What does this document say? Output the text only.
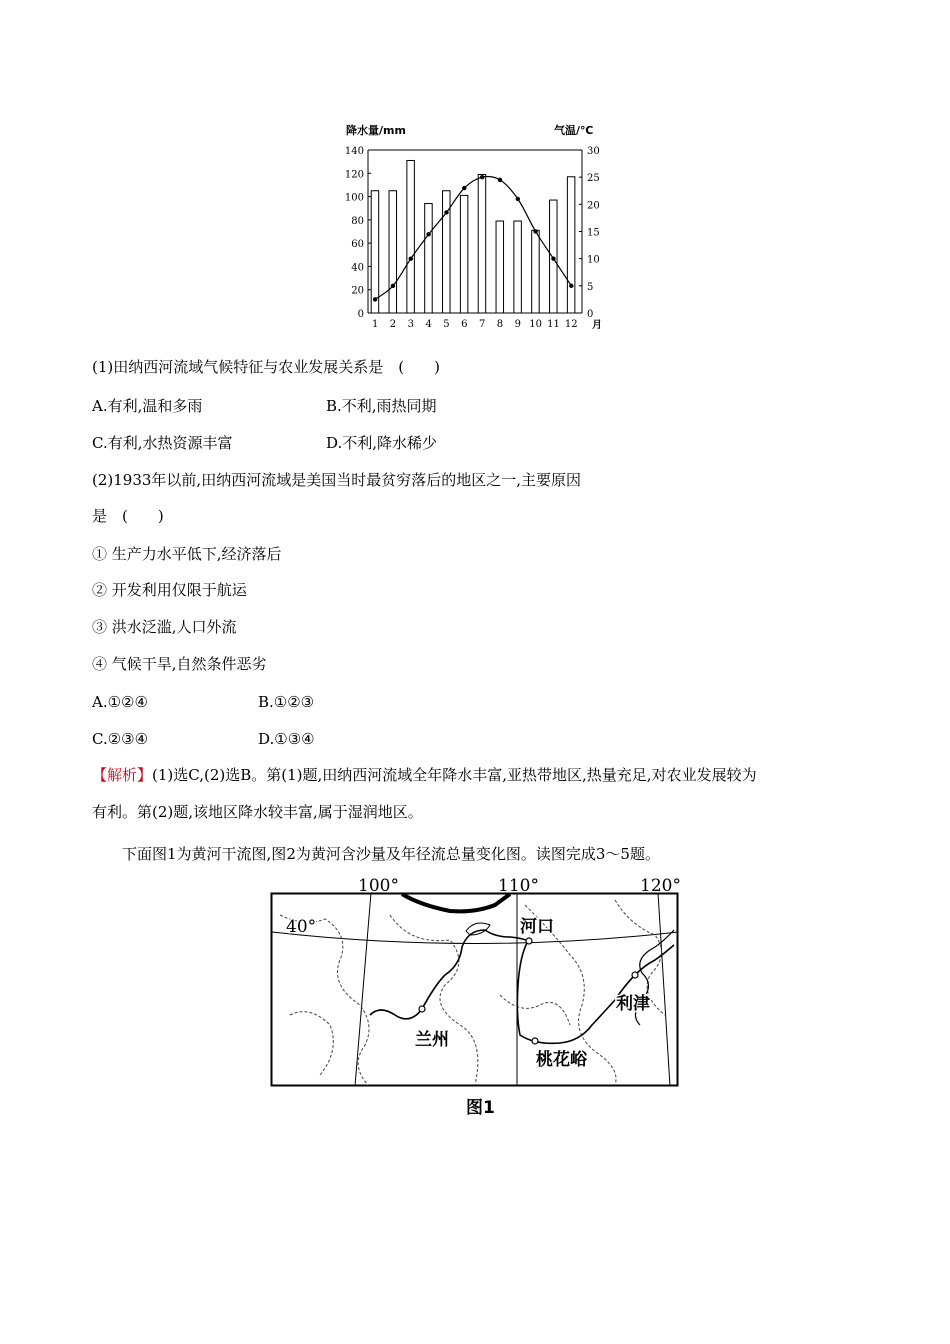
降水量/mm	气温/℃
0
20
40
60
80
100
120
140
0
5
10
15
20
25
30
1 2 3 4 5 6 7 8 9 10 11 12 月
(1)田纳西河流域气候特征与农业发展关系是　(　　)
A.有利,温和多雨	B.不利,雨热同期
C.有利,水热资源丰富	D.不利,降水稀少
(2)1933年以前,田纳西河流域是美国当时最贫穷落后的地区之一,主要原因
是　(　　)
① 生产力水平低下,经济落后
② 开发利用仅限于航运
③ 洪水泛滥,人口外流
④ 气候干旱,自然条件恶劣
A.①②④	B.①②③
C.②③④	D.①③④
【解析】(1)选C,(2)选B。第(1)题,田纳西河流域全年降水丰富,亚热带地区,热量充足,对农业发展较为
有利。第(2)题,该地区降水较丰富,属于湿润地区。
下面图1为黄河干流图,图2为黄河含沙量及年径流总量变化图。读图完成3～5题。
100°	110°	120°
40°	河口
兰州
桃花峪
利津
图1
